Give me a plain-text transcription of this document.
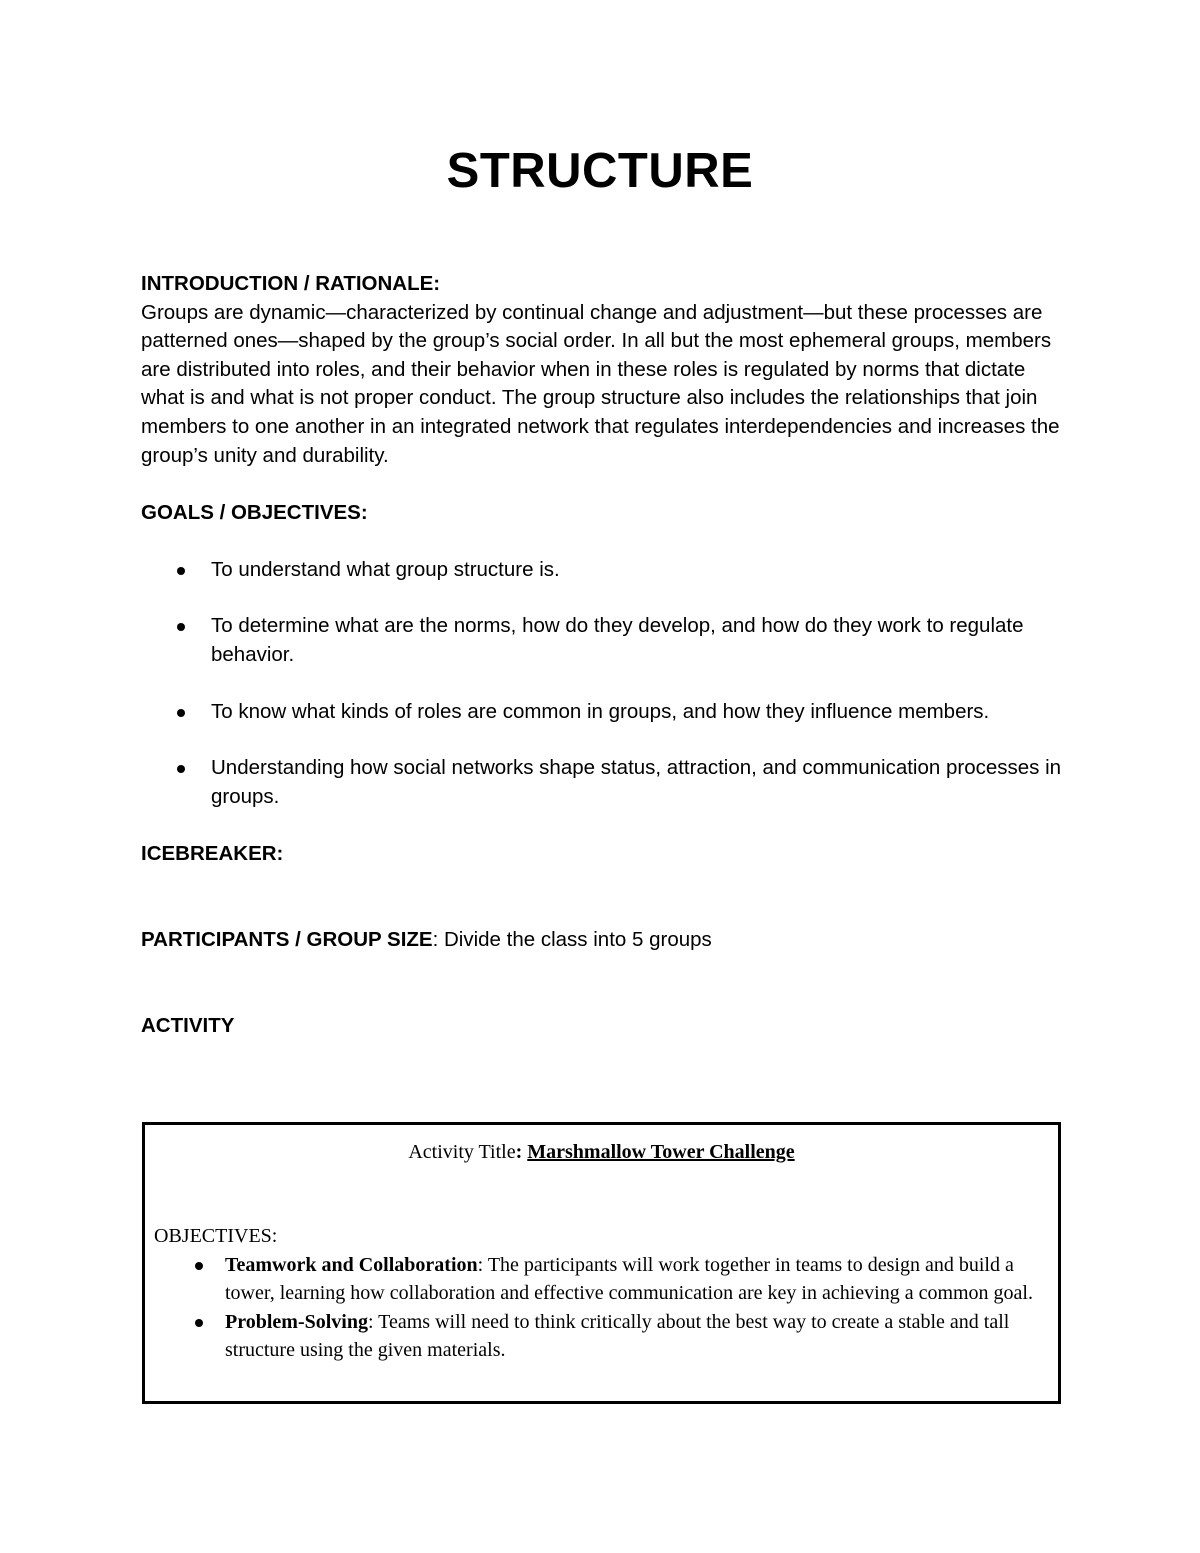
STRUCTURE

INTRODUCTION / RATIONALE:

Groups are dynamic—characterized by continual change and adjustment—but these processes are patterned ones—shaped by the group’s social order. In all but the most ephemeral groups, members are distributed into roles, and their behavior when in these roles is regulated by norms that dictate what is and what is not proper conduct. The group structure also includes the relationships that join members to one another in an integrated network that regulates interdependencies and increases the group’s unity and durability.

GOALS / OBJECTIVES:

To understand what group structure is.
To determine what are the norms, how do they develop, and how do they work to regulate behavior.
To know what kinds of roles are common in groups, and how they influence members.
Understanding how social networks shape status, attraction, and communication processes in groups.

ICEBREAKER:

PARTICIPANTS / GROUP SIZE: Divide the class into 5 groups

ACTIVITY

Activity Title: Marshmallow Tower Challenge
OBJECTIVES:
Teamwork and Collaboration: The participants will work together in teams to design and build a tower, learning how collaboration and effective communication are key in achieving a common goal.
Problem-Solving: Teams will need to think critically about the best way to create a stable and tall structure using the given materials.
